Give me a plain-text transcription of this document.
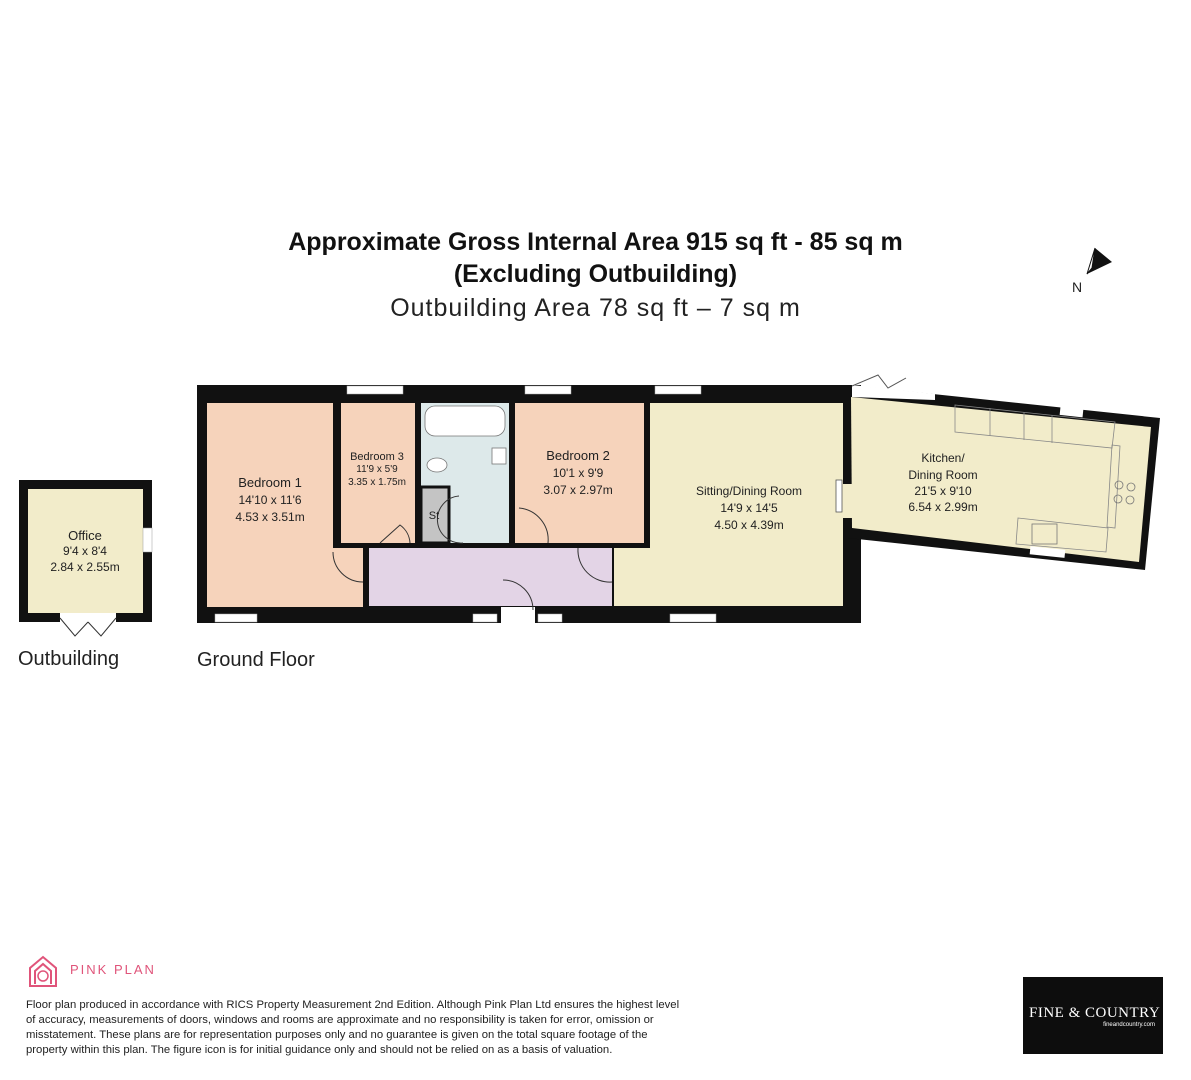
Approximate Gross Internal Area 915 sq ft - 85 sq m
(Excluding Outbuilding)
Outbuilding Area 78 sq ft – 7 sq m
N
Office
9'4 x 8'4
2.84 x 2.55m
Bedroom 1
14'10 x 11'6
4.53 x 3.51m
Bedroom 3
11'9 x 5'9
3.35 x 1.75m
St
Bedroom 2
10'1 x 9'9
3.07 x 2.97m	Sitting/Dining Room
14'9 x 14'5
4.50 x 4.39m
Kitchen/
Dining Room
21'5 x 9'10
6.54 x 2.99m
Outbuilding	Ground Floor
PINK PLAN
Floor plan produced in accordance with RICS Property Measurement 2nd Edition. Although Pink Plan Ltd ensures the highest level of accuracy, measurements of doors, windows and rooms are approximate and no responsibility is taken for error, omission or misstatement. These plans are for representation purposes only and no guarantee is given on the total square footage of the property within this plan. The figure icon is for initial guidance only and should not be relied on as a basis of valuation.
FINE & COUNTRY
fineandcountry.com
